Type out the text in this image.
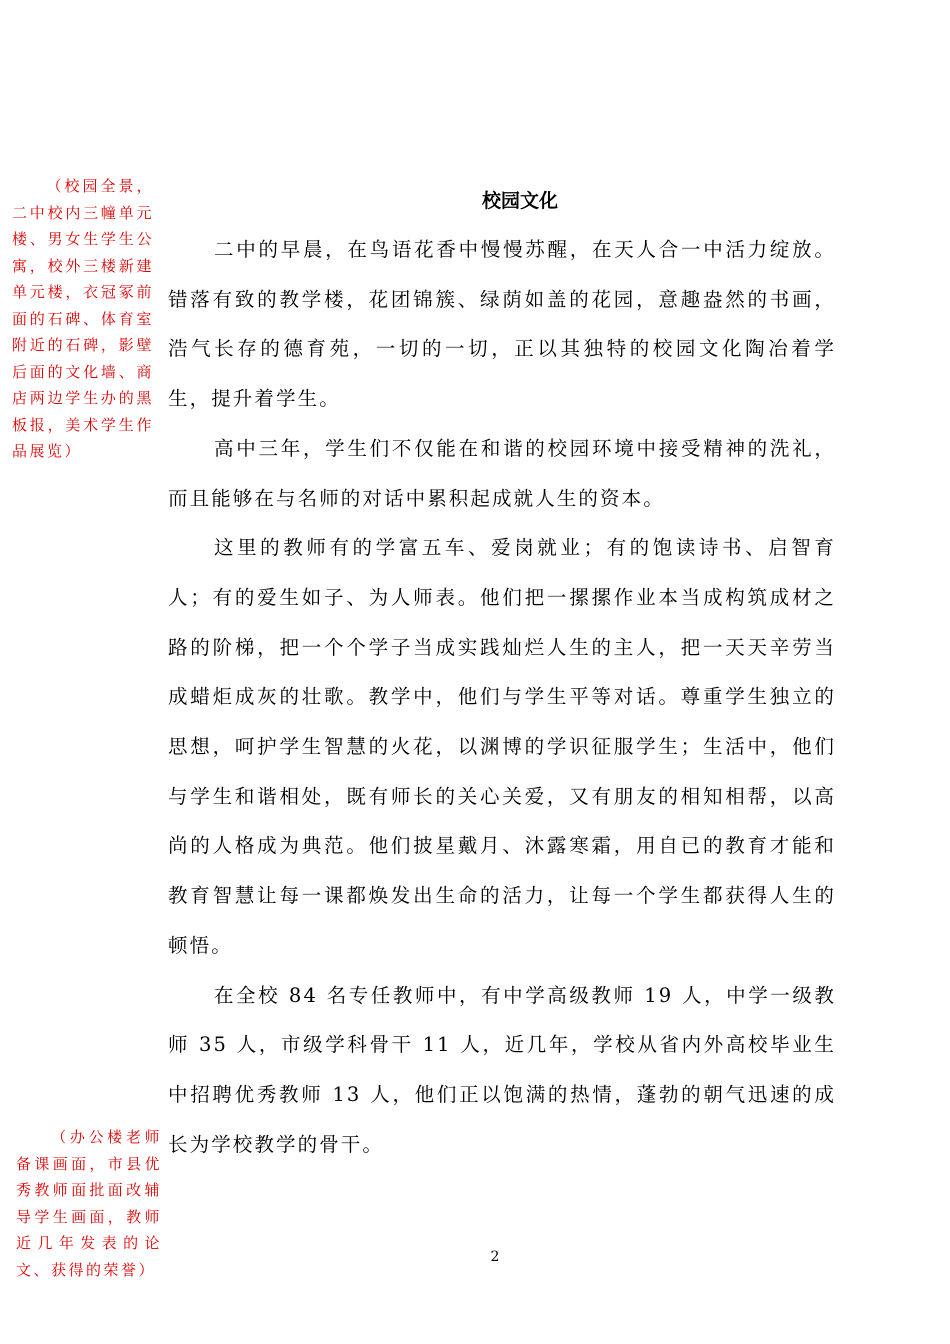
（校园全景，二中校内三幢单元楼、男女生学生公寓，校外三楼新建单元楼，衣冠冢前面的石碑、体育室附近的石碑，影壁后面的文化墙、商店两边学生办的黑板报，美术学生作品展览）
校园文化

二中的早晨，在鸟语花香中慢慢苏醒，在天人合一中活力绽放。错落有致的教学楼，花团锦簇、绿荫如盖的花园，意趣盎然的书画，浩气长存的德育苑，一切的一切，正以其独特的校园文化陶冶着学生，提升着学生。

高中三年，学生们不仅能在和谐的校园环境中接受精神的洗礼，而且能够在与名师的对话中累积起成就人生的资本。

这里的教师有的学富五车、爱岗就业；有的饱读诗书、启智育人；有的爱生如子、为人师表。他们把一摞摞作业本当成构筑成材之路的阶梯，把一个个学子当成实践灿烂人生的主人，把一天天辛劳当成蜡炬成灰的壮歌。教学中，他们与学生平等对话。尊重学生独立的思想，呵护学生智慧的火花，以渊博的学识征服学生；生活中，他们与学生和谐相处，既有师长的关心关爱，又有朋友的相知相帮，以高尚的人格成为典范。他们披星戴月、沐露寒霜，用自已的教育才能和教育智慧让每一课都焕发出生命的活力，让每一个学生都获得人生的顿悟。

在全校 84 名专任教师中，有中学高级教师 19 人，中学一级教师 35 人，市级学科骨干 11 人，近几年，学校从省内外高校毕业生中招聘优秀教师 13 人，他们正以饱满的热情，蓬勃的朝气迅速的成长为学校教学的骨干。

（办公楼老师备课画面，市县优秀教师面批面改辅导学生画面，教师近几年发表的论文、获得的荣誉）
2
